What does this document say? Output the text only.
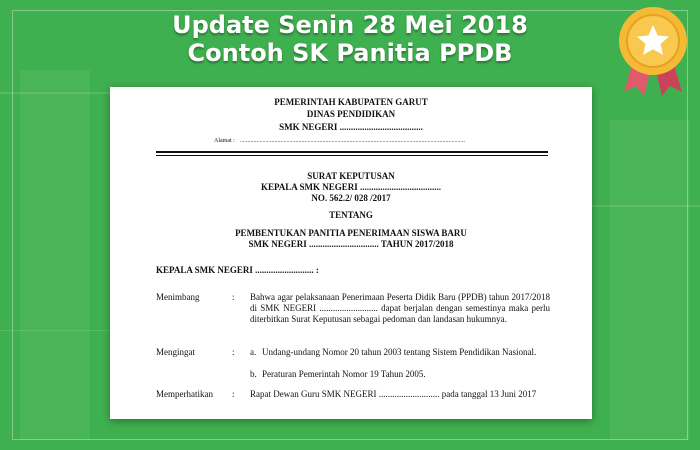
Update Senin 28 Mei 2018
Contoh SK Panitia PPDB
PEMERINTAH KABUPATEN GARUT
DINAS PENDIDIKAN
SMK NEGERI .....................................
Alamat : ......................................................................................................................................................
SURAT KEPUTUSAN
KEPALA SMK NEGERI ....................................
NO. 562.2/ 028 /2017
TENTANG
PEMBENTUKAN PANITIA PENERIMAAN SISWA BARU
SMK NEGERI ............................... TAHUN 2017/2018
KEPALA SMK NEGERI .......................... :
Menimbang	: Bahwa agar pelaksanaan Penerimaan Peserta Didik Baru (PPDB) tahun 2017/2018 di SMK NEGERI .......................... dapat berjalan dengan semestinya maka perlu diterbitkan Surat Keputusan sebagai pedoman dan landasan hukumnya.
Mengingat	: a. Undang-undang Nomor 20 tahun 2003 tentang Sistem Pendidikan Nasional.
b. Peraturan Pemerintah Nomor 19 Tahun 2005.
Memperhatikan : Rapat Dewan Guru SMK NEGERI ........................... pada tanggal 13 Juni 2017
